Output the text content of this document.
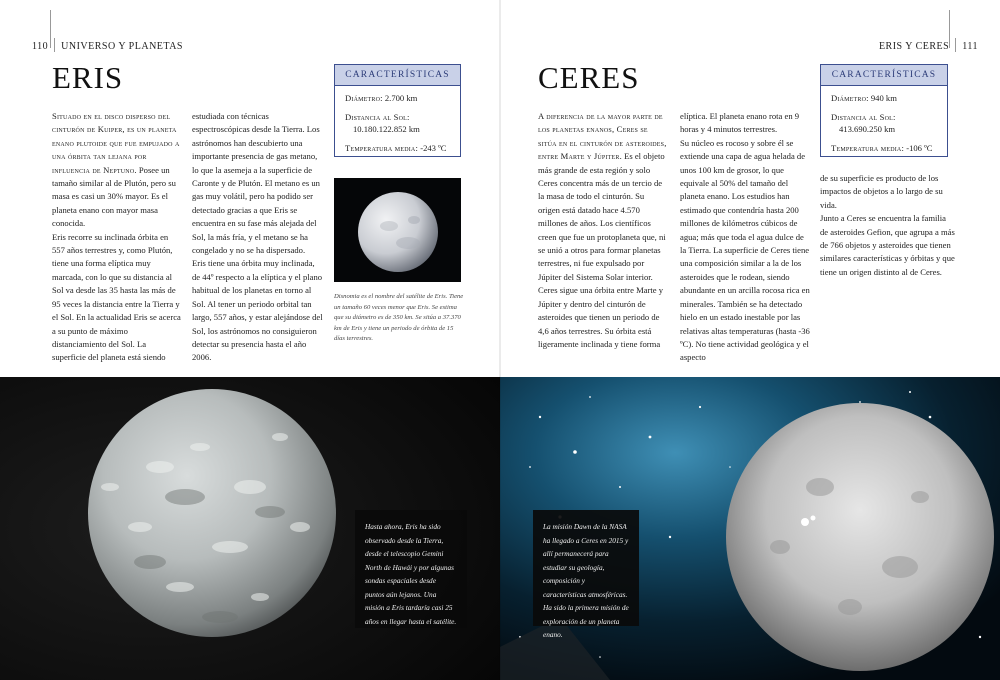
110 UNIVERSO Y PLANETAS
ERIS

Situado en el disco disperso del cinturón de Kuiper, es un planeta enano plutoide que fue empujado a una órbita tan lejana por influencia de Neptuno. Posee un tamaño similar al de Plutón, pero su masa es casi un 30% mayor. Es el planeta enano con mayor masa conocida.

Eris recorre su inclinada órbita en 557 años terrestres y, como Plutón, tiene una forma elíptica muy marcada, con lo que su distancia al Sol va desde las 35 hasta las más de 95 veces la distancia entre la Tierra y el Sol. En la actualidad Eris se acerca a su punto de máximo distanciamiento del Sol. La superficie del planeta está siendo

estudiada con técnicas espectroscópicas desde la Tierra. Los astrónomos han descubierto una importante presencia de gas metano, lo que la asemeja a la superficie de Caronte y de Plutón. El metano es un gas muy volátil, pero ha podido ser detectado gracias a que Eris se encuentra en su fase más alejada del Sol, la más fría, y el metano se ha congelado y no se ha dispersado.

Eris tiene una órbita muy inclinada, de 44º respecto a la elíptica y el plano habitual de los planetas en torno al Sol. Al tener un periodo orbital tan largo, 557 años, y estar alejándose del Sol, los astrónomos no consiguieron detectar su presencia hasta el año 2006.

CARACTERÍSTICAS
Diámetro: 2.700 km
Distancia al Sol:
10.180.122.852 km
Temperatura media: -243 ºC
Disnomia es el nombre del satélite de Eris. Tiene un tamaño 60 veces menor que Eris. Se estima que su diámetro es de 350 km. Se sitúa a 37.370 km de Eris y tiene un periodo de órbita de 15 días terrestres.
Hasta ahora, Eris ha sido observado desde la Tierra, desde el telescopio Gemini North de Hawái y por algunas sondas espaciales desde puntos aún lejanos. Una misión a Eris tardaría casi 25 años en llegar hasta el satélite.
ERIS Y CERES 111
CERES

A diferencia de la mayor parte de los planetas enanos, Ceres se sitúa en el cinturón de asteroides, entre Marte y Júpiter. Es el objeto más grande de esta región y solo Ceres concentra más de un tercio de la masa de todo el cinturón. Su origen está datado hace 4.570 millones de años. Los científicos creen que fue un protoplaneta que, ni se unió a otros para formar planetas terrestres, ni fue expulsado por Júpiter del Sistema Solar interior.

Ceres sigue una órbita entre Marte y Júpiter y dentro del cinturón de asteroides que tienen un periodo de 4,6 años terrestres. Su órbita está ligeramente inclinada y tiene forma

elíptica. El planeta enano rota en 9 horas y 4 minutos terrestres.

Su núcleo es rocoso y sobre él se extiende una capa de agua helada de unos 100 km de grosor, lo que equivale al 50% del tamaño del planeta enano. Los estudios han estimado que contendría hasta 200 millones de kilómetros cúbicos de agua; más que toda el agua dulce de la Tierra. La superficie de Ceres tiene una composición similar a la de los asteroides que le rodean, siendo abundante en un arcilla rocosa rica en minerales. También se ha detectado hielo en un estado inestable por las relativas altas temperaturas (hasta -36 ºC). No tiene actividad geológica y el aspecto

de su superficie es producto de los impactos de objetos a lo largo de su vida.

Junto a Ceres se encuentra la familia de asteroides Gefion, que agrupa a más de 766 objetos y asteroides que tienen similares características y órbitas y que tiene un origen distinto al de Ceres.

CARACTERÍSTICAS
Diámetro: 940 km
Distancia al Sol:
413.690.250 km
Temperatura media: -106 ºC
La misión Dawn de la NASA ha llegado a Ceres en 2015 y allí permanecerá para estudiar su geología, composición y características atmosféricas. Ha sido la primera misión de exploración de un planeta enano.
